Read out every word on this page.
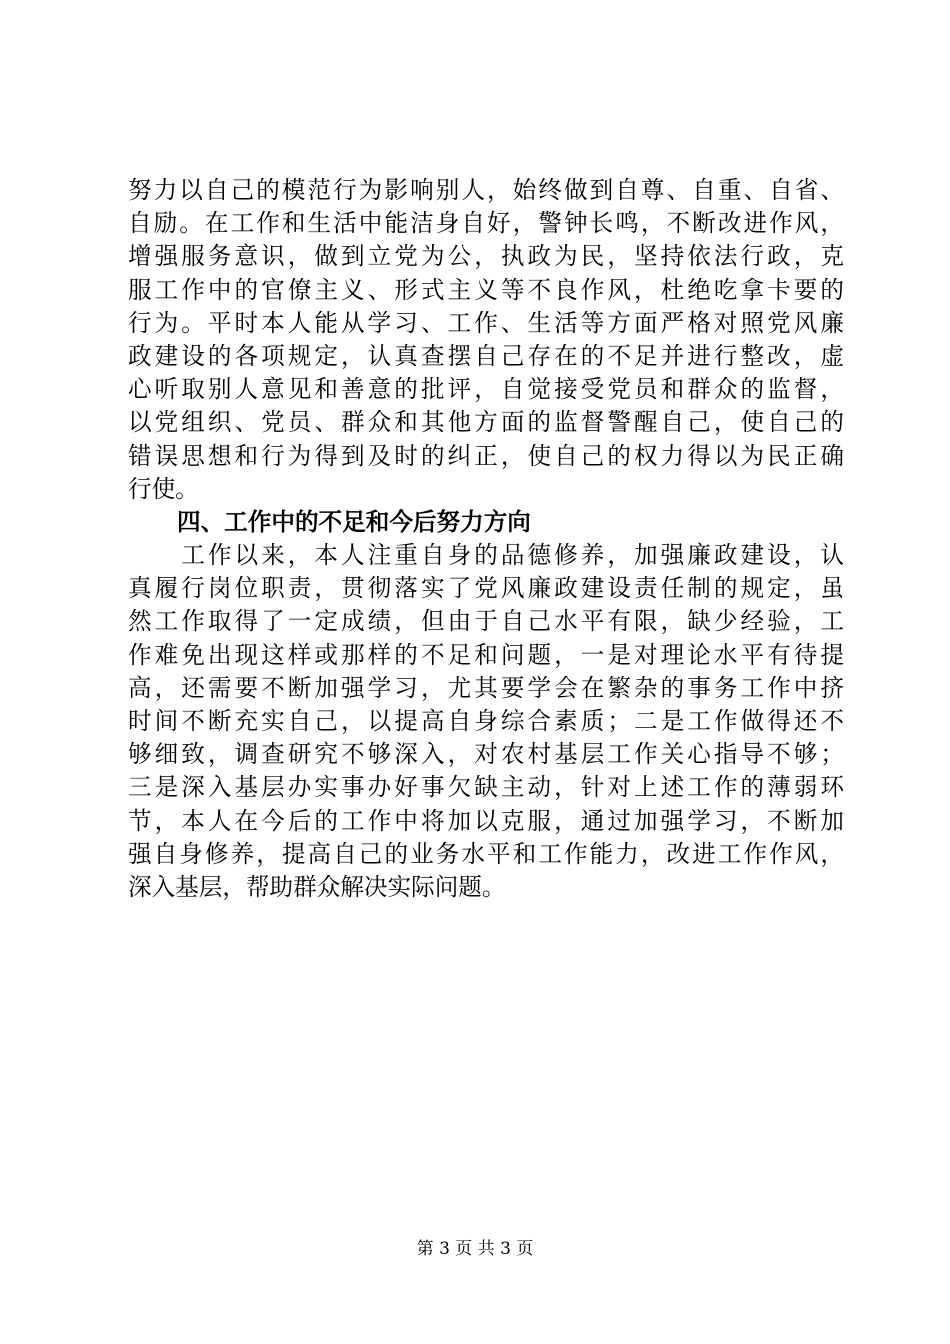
努力以自己的模范行为影响别人，始终做到自尊、自重、自省、
自励。在工作和生活中能洁身自好，警钟长鸣，不断改进作风，
增强服务意识，做到立党为公，执政为民，坚持依法行政，克
服工作中的官僚主义、形式主义等不良作风，杜绝吃拿卡要的
行为。平时本人能从学习、工作、生活等方面严格对照党风廉
政建设的各项规定，认真查摆自己存在的不足并进行整改，虚
心听取别人意见和善意的批评，自觉接受党员和群众的监督，
以党组织、党员、群众和其他方面的监督警醒自己，使自己的
错误思想和行为得到及时的纠正，使自己的权力得以为民正确
行使。
四、工作中的不足和今后努力方向
　　工作以来，本人注重自身的品德修养，加强廉政建设，认
真履行岗位职责，贯彻落实了党风廉政建设责任制的规定，虽
然工作取得了一定成绩，但由于自己水平有限，缺少经验，工
作难免出现这样或那样的不足和问题，一是对理论水平有待提
高，还需要不断加强学习，尤其要学会在繁杂的事务工作中挤
时间不断充实自己，以提高自身综合素质；二是工作做得还不
够细致，调查研究不够深入，对农村基层工作关心指导不够；
三是深入基层办实事办好事欠缺主动，针对上述工作的薄弱环
节，本人在今后的工作中将加以克服，通过加强学习，不断加
强自身修养，提高自己的业务水平和工作能力，改进工作作风，
深入基层，帮助群众解决实际问题。
第 3 页 共 3 页
